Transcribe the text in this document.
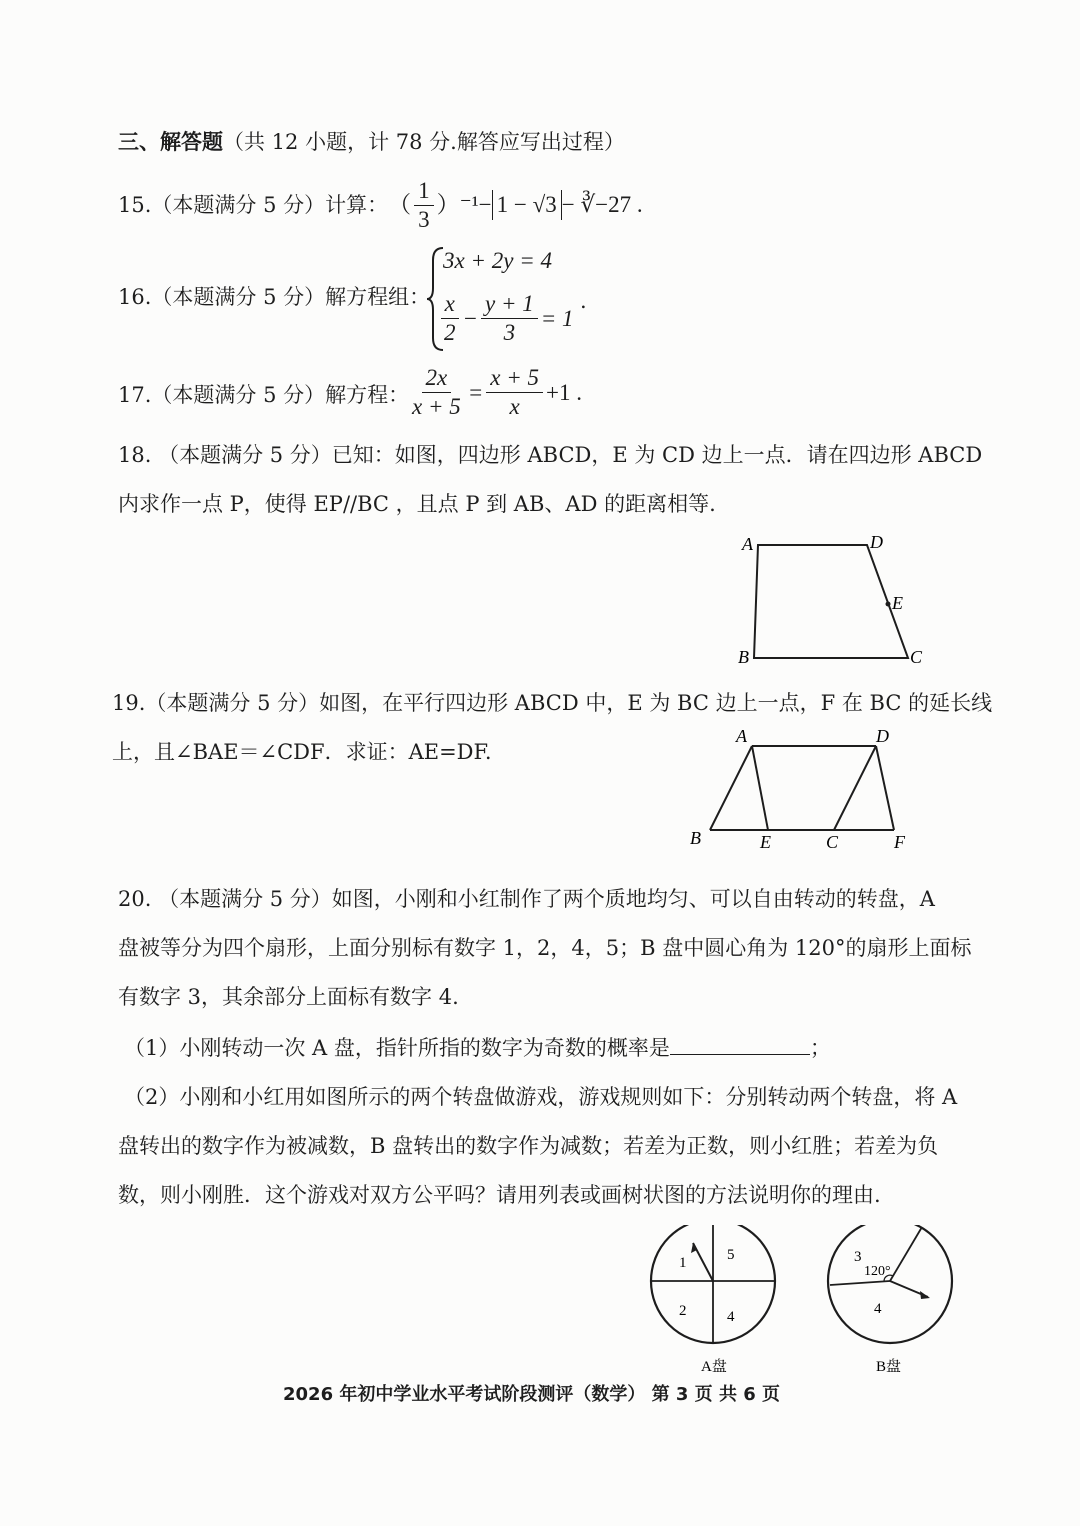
三、解答题（共 12 小题，计 78 分.解答应写出过程）
15.（本题满分 5 分）计算： （ $\frac{1}{3} )^{-1} - 1 - √3$ − ∛−27 .
16.（本题满分 5 分）解方程组：
3x + 2y = 4
$\frac{x}{2} - \frac{y + 1}{3} = 1$
.
17.（本题满分 5 分）解方程：
$\frac{2x}{x + 5} = \frac{x + 5}{x} +1$ .
18. （本题满分 5 分）已知：如图，四边形 ABCD，E 为 CD 边上一点．请在四边形 ABCD
内求作一点 P，使得 EP//BC ，且点 P 到 AB、AD 的距离相等.
A	D
E
B	C
19.（本题满分 5 分）如图，在平行四边形 ABCD 中，E 为 BC 边上一点，F 在 BC 的延长线
上，且∠BAE＝∠CDF．求证：AE=DF.
A	D
B	E	C	F
20. （本题满分 5 分）如图，小刚和小红制作了两个质地均匀、可以自由转动的转盘，A
盘被等分为四个扇形，上面分别标有数字 1，2，4，5；B 盘中圆心角为 120°的扇形上面标
有数字 3，其余部分上面标有数字 4.
（1）小刚转动一次 A 盘，指针所指的数字为奇数的概率是	；
（2）小刚和小红用如图所示的两个转盘做游戏，游戏规则如下：分别转动两个转盘，将 A
盘转出的数字作为被减数，B 盘转出的数字作为减数；若差为正数，则小红胜；若差为负
数，则小刚胜．这个游戏对双方公平吗？请用列表或画树状图的方法说明你的理由.
1	5
2	4
A盘
3
120°
4
B盘
2026 年初中学业水平考试阶段测评（数学） 第 3 页 共 6 页
